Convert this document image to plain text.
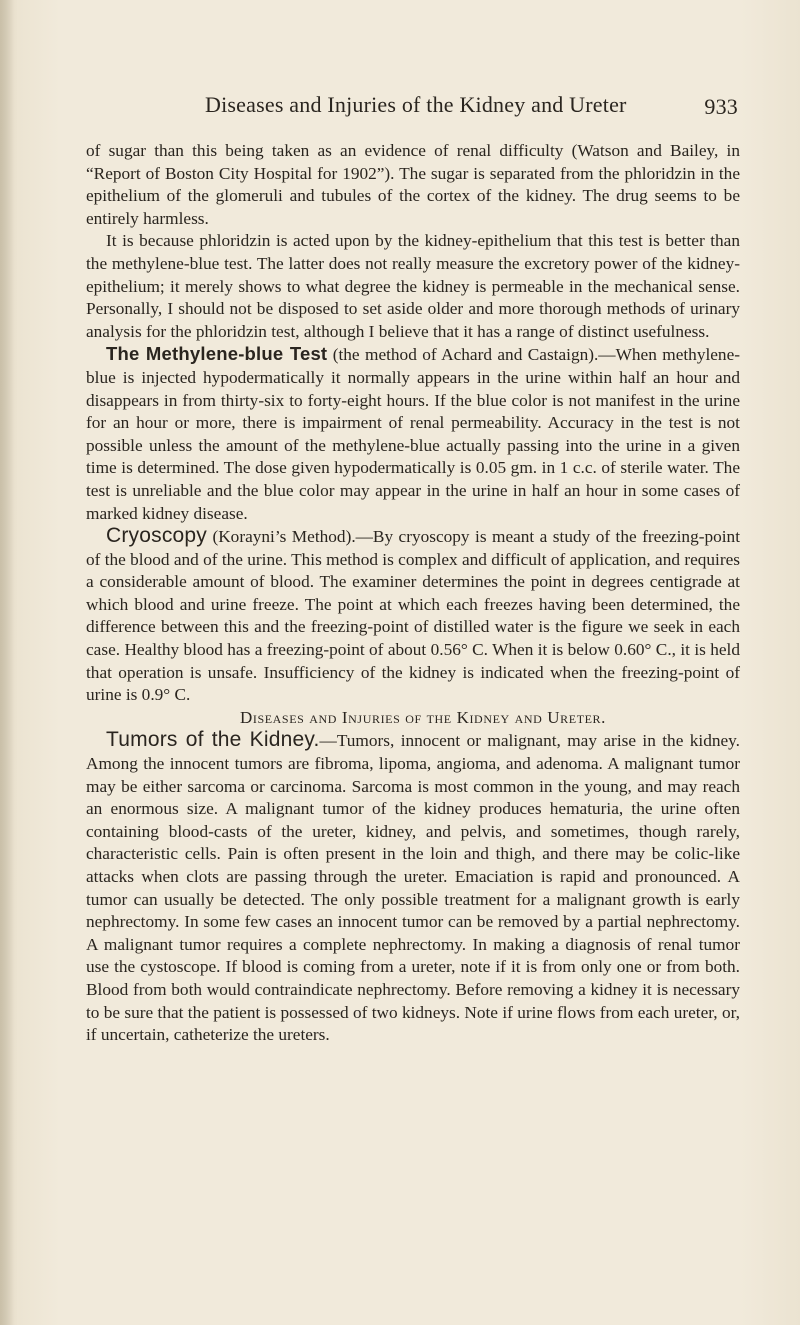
Diseases and Injuries of the Kidney and Ureter	933

of sugar than this being taken as an evidence of renal difficulty (Watson and Bailey, in “Report of Boston City Hospital for 1902”). The sugar is separated from the phloridzin in the epithelium of the glomeruli and tubules of the cortex of the kidney. The drug seems to be entirely harmless.

It is because phloridzin is acted upon by the kidney-epithelium that this test is better than the methylene-blue test. The latter does not really measure the excretory power of the kidney-epithelium; it merely shows to what degree the kidney is permeable in the mechanical sense. Personally, I should not be disposed to set aside older and more thorough methods of urinary analysis for the phloridzin test, although I believe that it has a range of distinct usefulness.

The Methylene-blue Test (the method of Achard and Castaign).—When methylene-blue is injected hypodermatically it normally appears in the urine within half an hour and disappears in from thirty-six to forty-eight hours. If the blue color is not manifest in the urine for an hour or more, there is impairment of renal permeability. Accuracy in the test is not possible unless the amount of the methylene-blue actually passing into the urine in a given time is determined. The dose given hypodermatically is 0.05 gm. in 1 c.c. of sterile water. The test is unreliable and the blue color may appear in the urine in half an hour in some cases of marked kidney disease.

Cryoscopy (Korayni’s Method).—By cryoscopy is meant a study of the freezing-point of the blood and of the urine. This method is complex and difficult of application, and requires a considerable amount of blood. The examiner determines the point in degrees centigrade at which blood and urine freeze. The point at which each freezes having been determined, the difference between this and the freezing-point of distilled water is the figure we seek in each case. Healthy blood has a freezing-point of about 0.56° C. When it is below 0.60° C., it is held that operation is unsafe. Insufficiency of the kidney is indicated when the freezing-point of urine is 0.9° C.

Diseases and Injuries of the Kidney and Ureter.

Tumors of the Kidney.—Tumors, innocent or malignant, may arise in the kidney. Among the innocent tumors are fibroma, lipoma, angioma, and adenoma. A malignant tumor may be either sarcoma or carcinoma. Sarcoma is most common in the young, and may reach an enormous size. A malignant tumor of the kidney produces hematuria, the urine often containing blood-casts of the ureter, kidney, and pelvis, and sometimes, though rarely, characteristic cells. Pain is often present in the loin and thigh, and there may be colic-like attacks when clots are passing through the ureter. Emaciation is rapid and pronounced. A tumor can usually be detected. The only possible treatment for a malignant growth is early nephrectomy. In some few cases an innocent tumor can be removed by a partial nephrectomy. A malignant tumor requires a complete nephrectomy. In making a diagnosis of renal tumor use the cystoscope. If blood is coming from a ureter, note if it is from only one or from both. Blood from both would contraindicate nephrectomy. Before removing a kidney it is necessary to be sure that the patient is possessed of two kidneys. Note if urine flows from each ureter, or, if uncertain, catheterize the ureters.
